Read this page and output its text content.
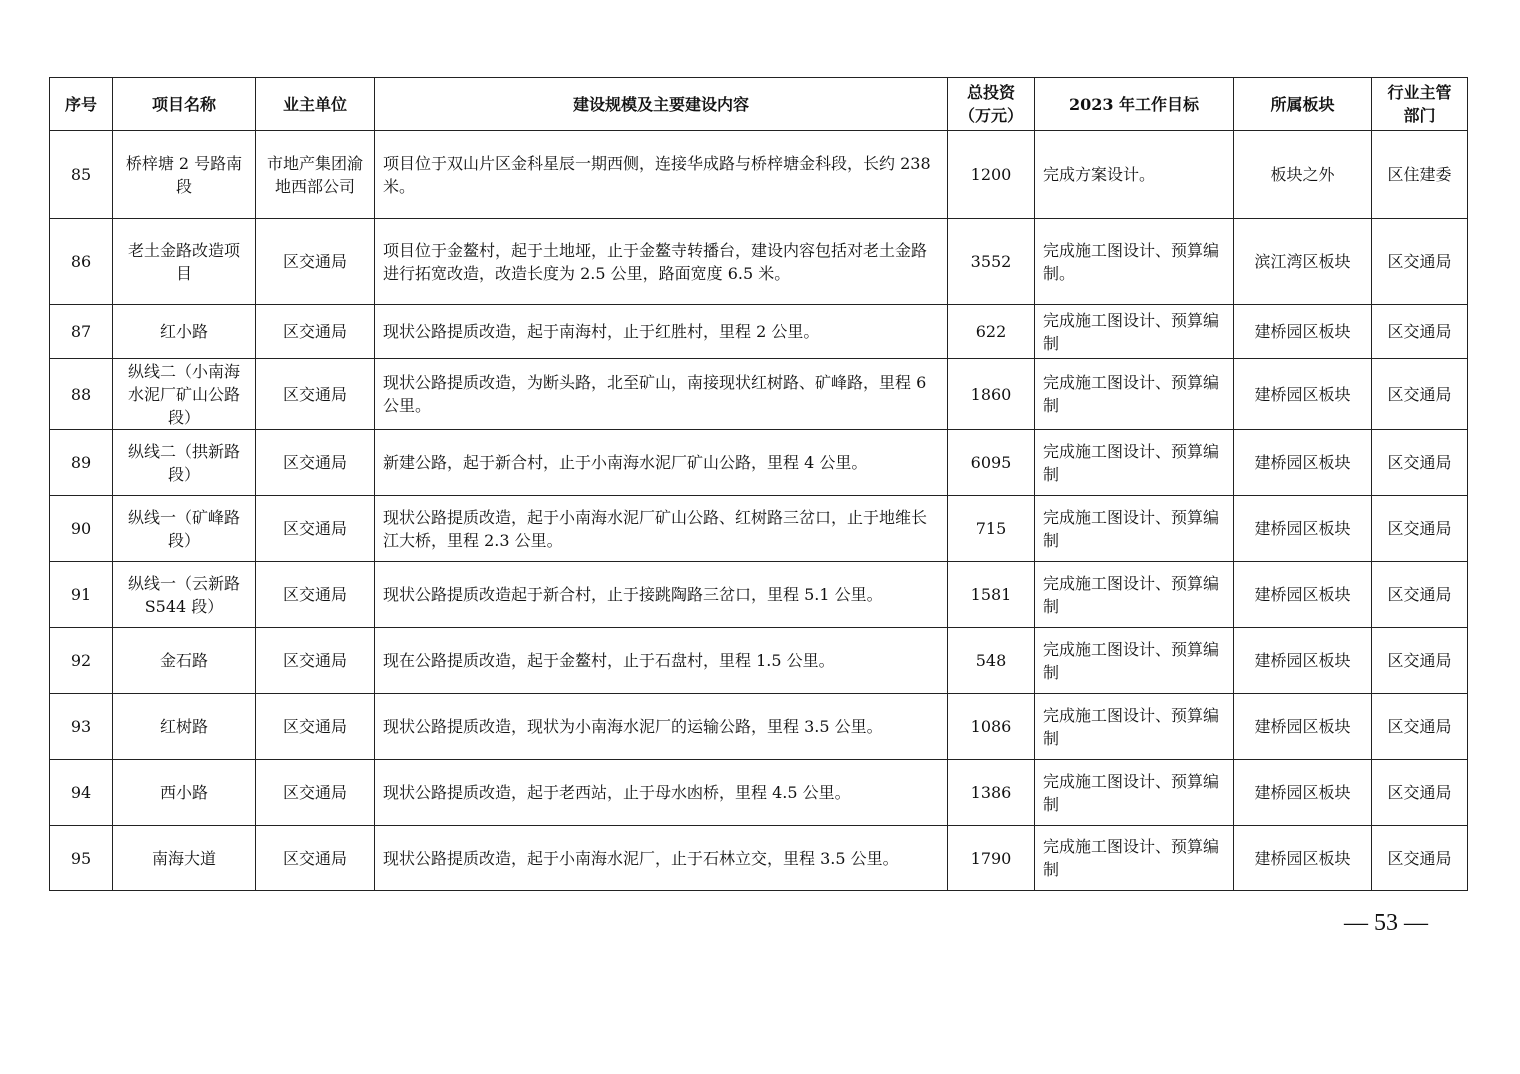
序号	项目名称	业主单位	建设规模及主要建设内容	总投资（万元）	2023 年工作目标	所属板块	行业主管部门
85	桥梓塘 2 号路南段	市地产集团渝地西部公司	项目位于双山片区金科星辰一期西侧，连接华成路与桥梓塘金科段，长约 238 米。	1200	完成方案设计。	板块之外	区住建委
86	老土金路改造项目	区交通局	项目位于金鳌村，起于土地垭，止于金鳌寺转播台，建设内容包括对老土金路进行拓宽改造，改造长度为 2.5 公里，路面宽度 6.5 米。	3552	完成施工图设计、预算编制。	滨江湾区板块	区交通局
87	红小路	区交通局	现状公路提质改造，起于南海村，止于红胜村，里程 2 公里。	622	完成施工图设计、预算编制	建桥园区板块	区交通局
88	纵线二（小南海水泥厂矿山公路段）	区交通局	现状公路提质改造，为断头路，北至矿山，南接现状红树路、矿峰路，里程 6 公里。	1860	完成施工图设计、预算编制	建桥园区板块	区交通局
89	纵线二（拱新路段）	区交通局	新建公路，起于新合村，止于小南海水泥厂矿山公路，里程 4 公里。	6095	完成施工图设计、预算编制	建桥园区板块	区交通局
90	纵线一（矿峰路段）	区交通局	现状公路提质改造，起于小南海水泥厂矿山公路、红树路三岔口，止于地维长江大桥，里程 2.3 公里。	715	完成施工图设计、预算编制	建桥园区板块	区交通局
91	纵线一（云新路 S544 段）	区交通局	现状公路提质改造起于新合村，止于接跳陶路三岔口，里程 5.1 公里。	1581	完成施工图设计、预算编制	建桥园区板块	区交通局
92	金石路	区交通局	现在公路提质改造，起于金鳌村，止于石盘村，里程 1.5 公里。	548	完成施工图设计、预算编制	建桥园区板块	区交通局
93	红树路	区交通局	现状公路提质改造，现状为小南海水泥厂的运输公路，里程 3.5 公里。	1086	完成施工图设计、预算编制	建桥园区板块	区交通局
94	西小路	区交通局	现状公路提质改造，起于老西站，止于母水凼桥，里程 4.5 公里。	1386	完成施工图设计、预算编制	建桥园区板块	区交通局
95	南海大道	区交通局	现状公路提质改造，起于小南海水泥厂，止于石林立交，里程 3.5 公里。	1790	完成施工图设计、预算编制	建桥园区板块	区交通局
— 53 —
